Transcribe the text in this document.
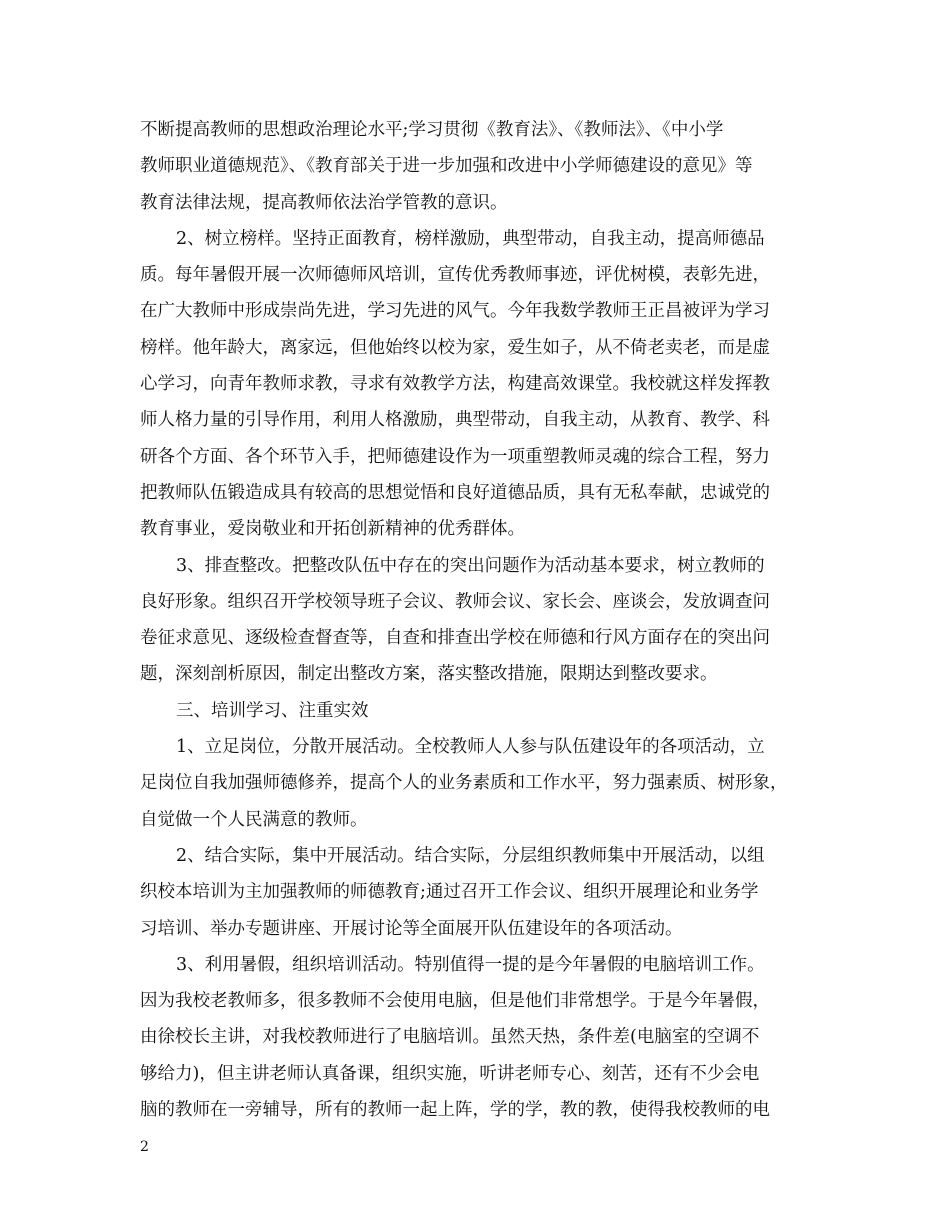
不断提高教师的思想政治理论水平;学习贯彻《教育法》、《教师法》、《中小学
教师职业道德规范》、《教育部关于进一步加强和改进中小学师德建设的意见》等
教育法律法规，提高教师依法治学管教的意识。
2、树立榜样。坚持正面教育，榜样激励，典型带动，自我主动，提高师德品
质。每年暑假开展一次师德师风培训，宣传优秀教师事迹，评优树模，表彰先进，
在广大教师中形成崇尚先进，学习先进的风气。今年我数学教师王正昌被评为学习
榜样。他年龄大，离家远，但他始终以校为家，爱生如子，从不倚老卖老，而是虚
心学习，向青年教师求教，寻求有效教学方法，构建高效课堂。我校就这样发挥教
师人格力量的引导作用，利用人格激励，典型带动，自我主动，从教育、教学、科
研各个方面、各个环节入手，把师德建设作为一项重塑教师灵魂的综合工程，努力
把教师队伍锻造成具有较高的思想觉悟和良好道德品质，具有无私奉献，忠诚党的
教育事业，爱岗敬业和开拓创新精神的优秀群体。
3、排查整改。把整改队伍中存在的突出问题作为活动基本要求，树立教师的
良好形象。组织召开学校领导班子会议、教师会议、家长会、座谈会，发放调查问
卷征求意见、逐级检查督查等，自查和排查出学校在师德和行风方面存在的突出问
题，深刻剖析原因，制定出整改方案，落实整改措施，限期达到整改要求。
三、培训学习、注重实效
1、立足岗位，分散开展活动。全校教师人人参与队伍建设年的各项活动，立
足岗位自我加强师德修养，提高个人的业务素质和工作水平，努力强素质、树形象，
自觉做一个人民满意的教师。
2、结合实际，集中开展活动。结合实际，分层组织教师集中开展活动，以组
织校本培训为主加强教师的师德教育;通过召开工作会议、组织开展理论和业务学
习培训、举办专题讲座、开展讨论等全面展开队伍建设年的各项活动。
3、利用暑假，组织培训活动。特别值得一提的是今年暑假的电脑培训工作。
因为我校老教师多，很多教师不会使用电脑，但是他们非常想学。于是今年暑假，
由徐校长主讲，对我校教师进行了电脑培训。虽然天热，条件差(电脑室的空调不
够给力)，但主讲老师认真备课，组织实施，听讲老师专心、刻苦，还有不少会电
脑的教师在一旁辅导，所有的教师一起上阵，学的学，教的教，使得我校教师的电
2
